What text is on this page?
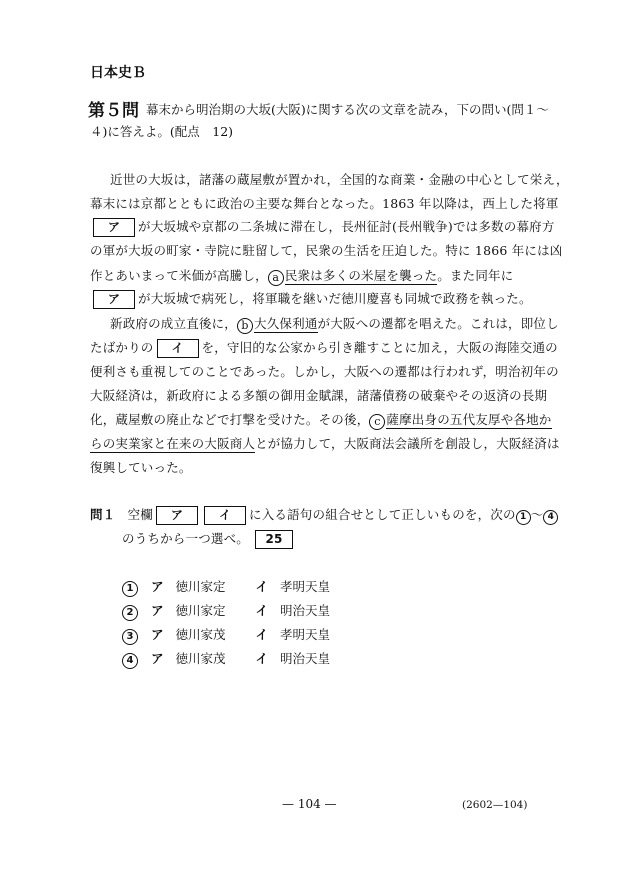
日本史Ｂ
第５問 幕末から明治期の大坂(大阪)に関する次の文章を読み，下の問い(問１～
４)に答えよ。(配点　12)
近世の大坂は，諸藩の蔵屋敷が置かれ，全国的な商業・金融の中心として栄え，
幕末には京都とともに政治の主要な舞台となった。1863 年以降は，西上した将軍
ア が大坂城や京都の二条城に滞在し，長州征討(長州戦争)では多数の幕府方
の軍が大坂の町家・寺院に駐留して，民衆の生活を圧迫した。特に 1866 年には凶
作とあいまって米価が高騰し， a 民衆は多くの米屋を襲った。また同年に
ア が大坂城で病死し，将軍職を継いだ徳川慶喜も同城で政務を執った。
新政府の成立直後に， b 大久保利通が大阪への遷都を唱えた。これは，即位し
たばかりの イ を，守旧的な公家から引き離すことに加え，大阪の海陸交通の
便利さも重視してのことであった。しかし，大阪への遷都は行われず，明治初年の
大阪経済は，新政府による多額の御用金賦課，諸藩債務の破棄やその返済の長期
化，蔵屋敷の廃止などで打撃を受けた。その後， c 薩摩出身の五代友厚や各地か
らの実業家と在来の大阪商人とが協力して，大阪商法会議所を創設し，大阪経済は
復興していった。
問１ 空欄 ア	イ に入る語句の組合せとして正しいものを，次の 1 ～ 4
のうちから一つ選べ。 25
1 ア 徳川家定 イ 孝明天皇
2 ア 徳川家定 イ 明治天皇
3 ア 徳川家茂 イ 孝明天皇
4 ア 徳川家茂 イ 明治天皇
— 104 —	(2602—104)
